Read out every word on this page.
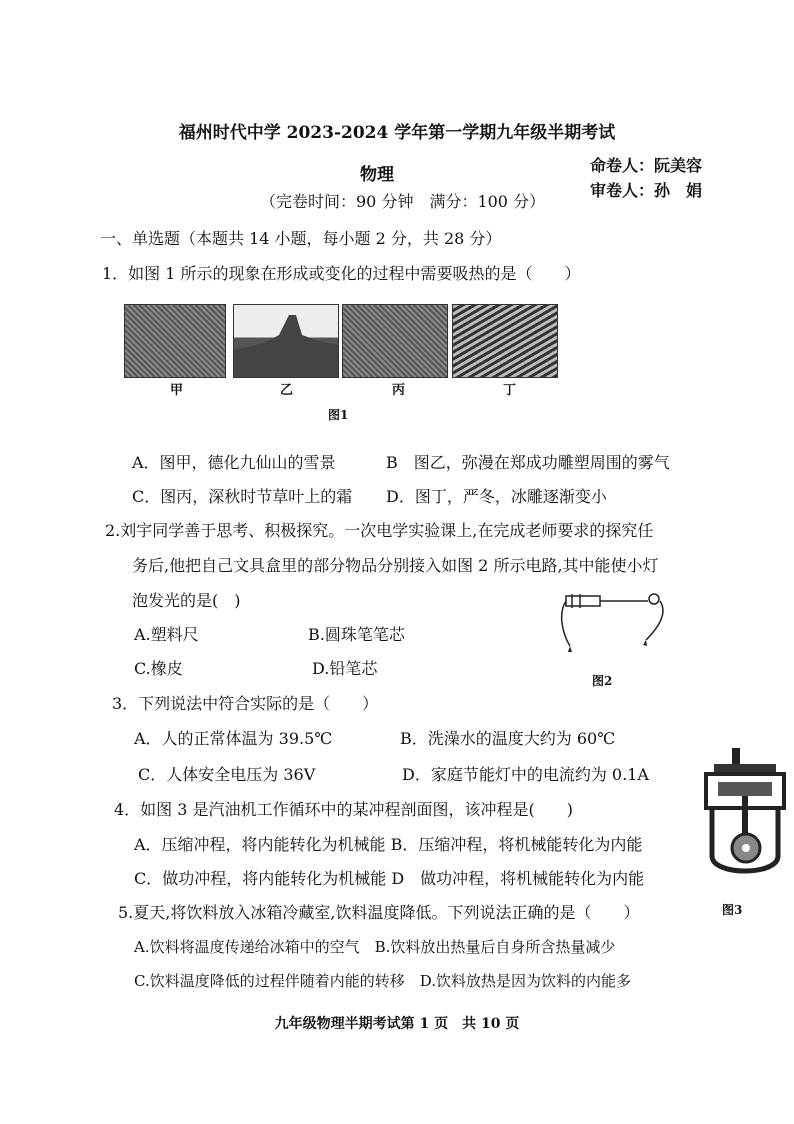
福州时代中学 2023-2024 学年第一学期九年级半期考试
物理	命卷人：阮美容
审卷人：孙　娟
（完卷时间：90 分钟　满分：100 分）
一、单选题（本题共 14 小题，每小题 2 分，共 28 分）
1．如图 1 所示的现象在形成或变化的过程中需要吸热的是（　　）
甲	乙	丙	丁
图1
A．图甲，德化九仙山的雪景	B　图乙，弥漫在郑成功雕塑周围的雾气
C．图丙，深秋时节草叶上的霜 D．图丁，严冬，冰雕逐渐变小
2.刘宇同学善于思考、积极探究。一次电学实验课上,在完成老师要求的探究任
务后,他把自己文具盒里的部分物品分别接入如图 2 所示电路,其中能使小灯
泡发光的是(　)
A.塑料尺	B.圆珠笔笔芯
C.橡皮	D.铅笔芯
图2
3．下列说法中符合实际的是（　　）
A．人的正常体温为 39.5℃	B．洗澡水的温度大约为 60℃
C．人体安全电压为 36V	D．家庭节能灯中的电流约为 0.1A
4．如图 3 是汽油机工作循环中的某冲程剖面图，该冲程是(　　)
A．压缩冲程，将内能转化为机械能 B．压缩冲程，将机械能转化为内能
C．做功冲程，将内能转化为机械能 D　做功冲程，将机械能转化为内能
图3
5.夏天,将饮料放入冰箱冷藏室,饮料温度降低。下列说法正确的是（　　）
A.饮料将温度传递给冰箱中的空气　B.饮料放出热量后自身所含热量减少
C.饮料温度降低的过程伴随着内能的转移　D.饮料放热是因为饮料的内能多
九年级物理半期考试第 1 页　共 10 页
